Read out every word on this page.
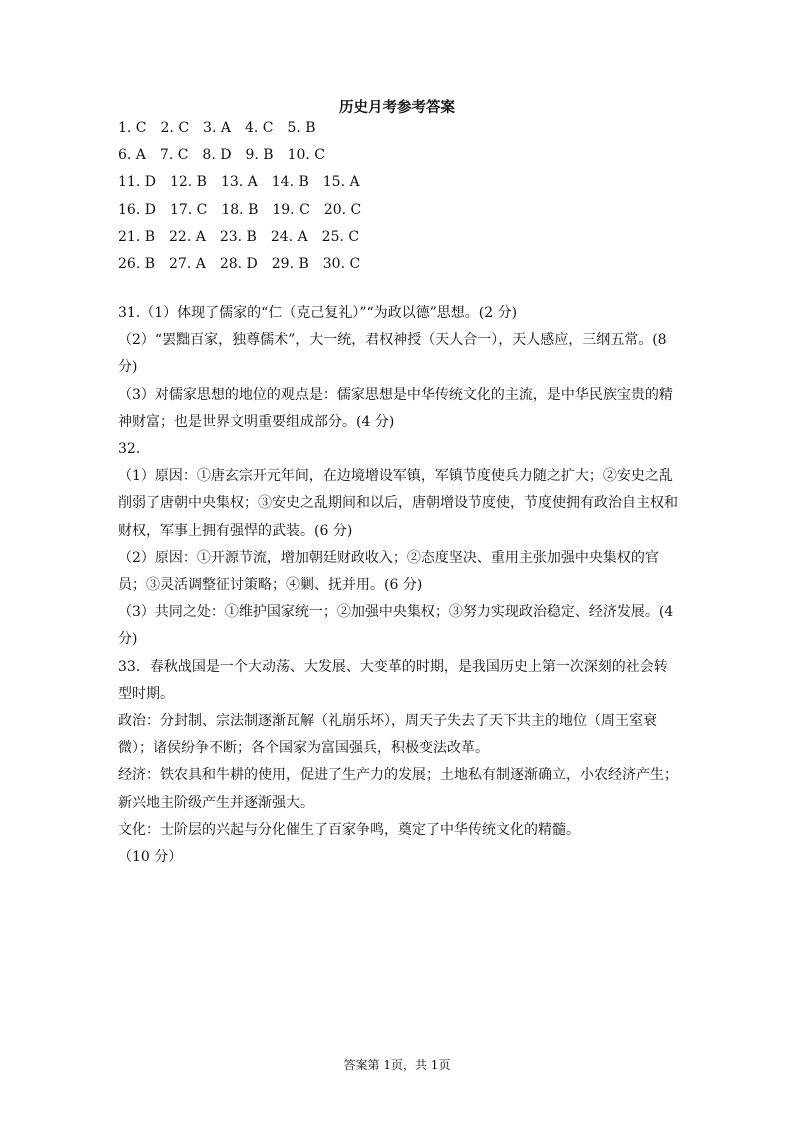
历史月考参考答案
1. C　2. C　3. A　4. C　5. B
6. A　7. C　8. D　9. B　10. C
11. D　12. B　13. A　14. B　15. A
16. D　17. C　18. B　19. C　20. C
21. B　22. A　23. B　24. A　25. C
26. B　27. A　28. D　29. B　30. C

31.（1）体现了儒家的“仁（克己复礼）”“为政以德”思想。(2 分)

（2）“罢黜百家，独尊儒术”，大一统，君权神授（天人合一），天人感应，三纲五常。(8 分)

（3）对儒家思想的地位的观点是：儒家思想是中华传统文化的主流，是中华民族宝贵的精神财富；也是世界文明重要组成部分。(4 分)

32.

（1）原因：①唐玄宗开元年间，在边境增设军镇，军镇节度使兵力随之扩大；②安史之乱削弱了唐朝中央集权；③安史之乱期间和以后，唐朝增设节度使，节度使拥有政治自主权和财权，军事上拥有强悍的武装。(6 分)

（2）原因：①开源节流，增加朝廷财政收入；②态度坚决、重用主张加强中央集权的官员；③灵活调整征讨策略；④剿、抚并用。(6 分)

（3）共同之处：①维护国家统一；②加强中央集权；③努力实现政治稳定、经济发展。(4 分)

33．春秋战国是一个大动荡、大发展、大变革的时期，是我国历史上第一次深刻的社会转型时期。

政治：分封制、宗法制逐渐瓦解（礼崩乐坏），周天子失去了天下共主的地位（周王室衰微）；诸侯纷争不断；各个国家为富国强兵，积极变法改革。

经济：铁农具和牛耕的使用，促进了生产力的发展；土地私有制逐渐确立，小农经济产生；新兴地主阶级产生并逐渐强大。

文化：士阶层的兴起与分化催生了百家争鸣，奠定了中华传统文化的精髓。

（10 分）

答案第 1页，共 1页
